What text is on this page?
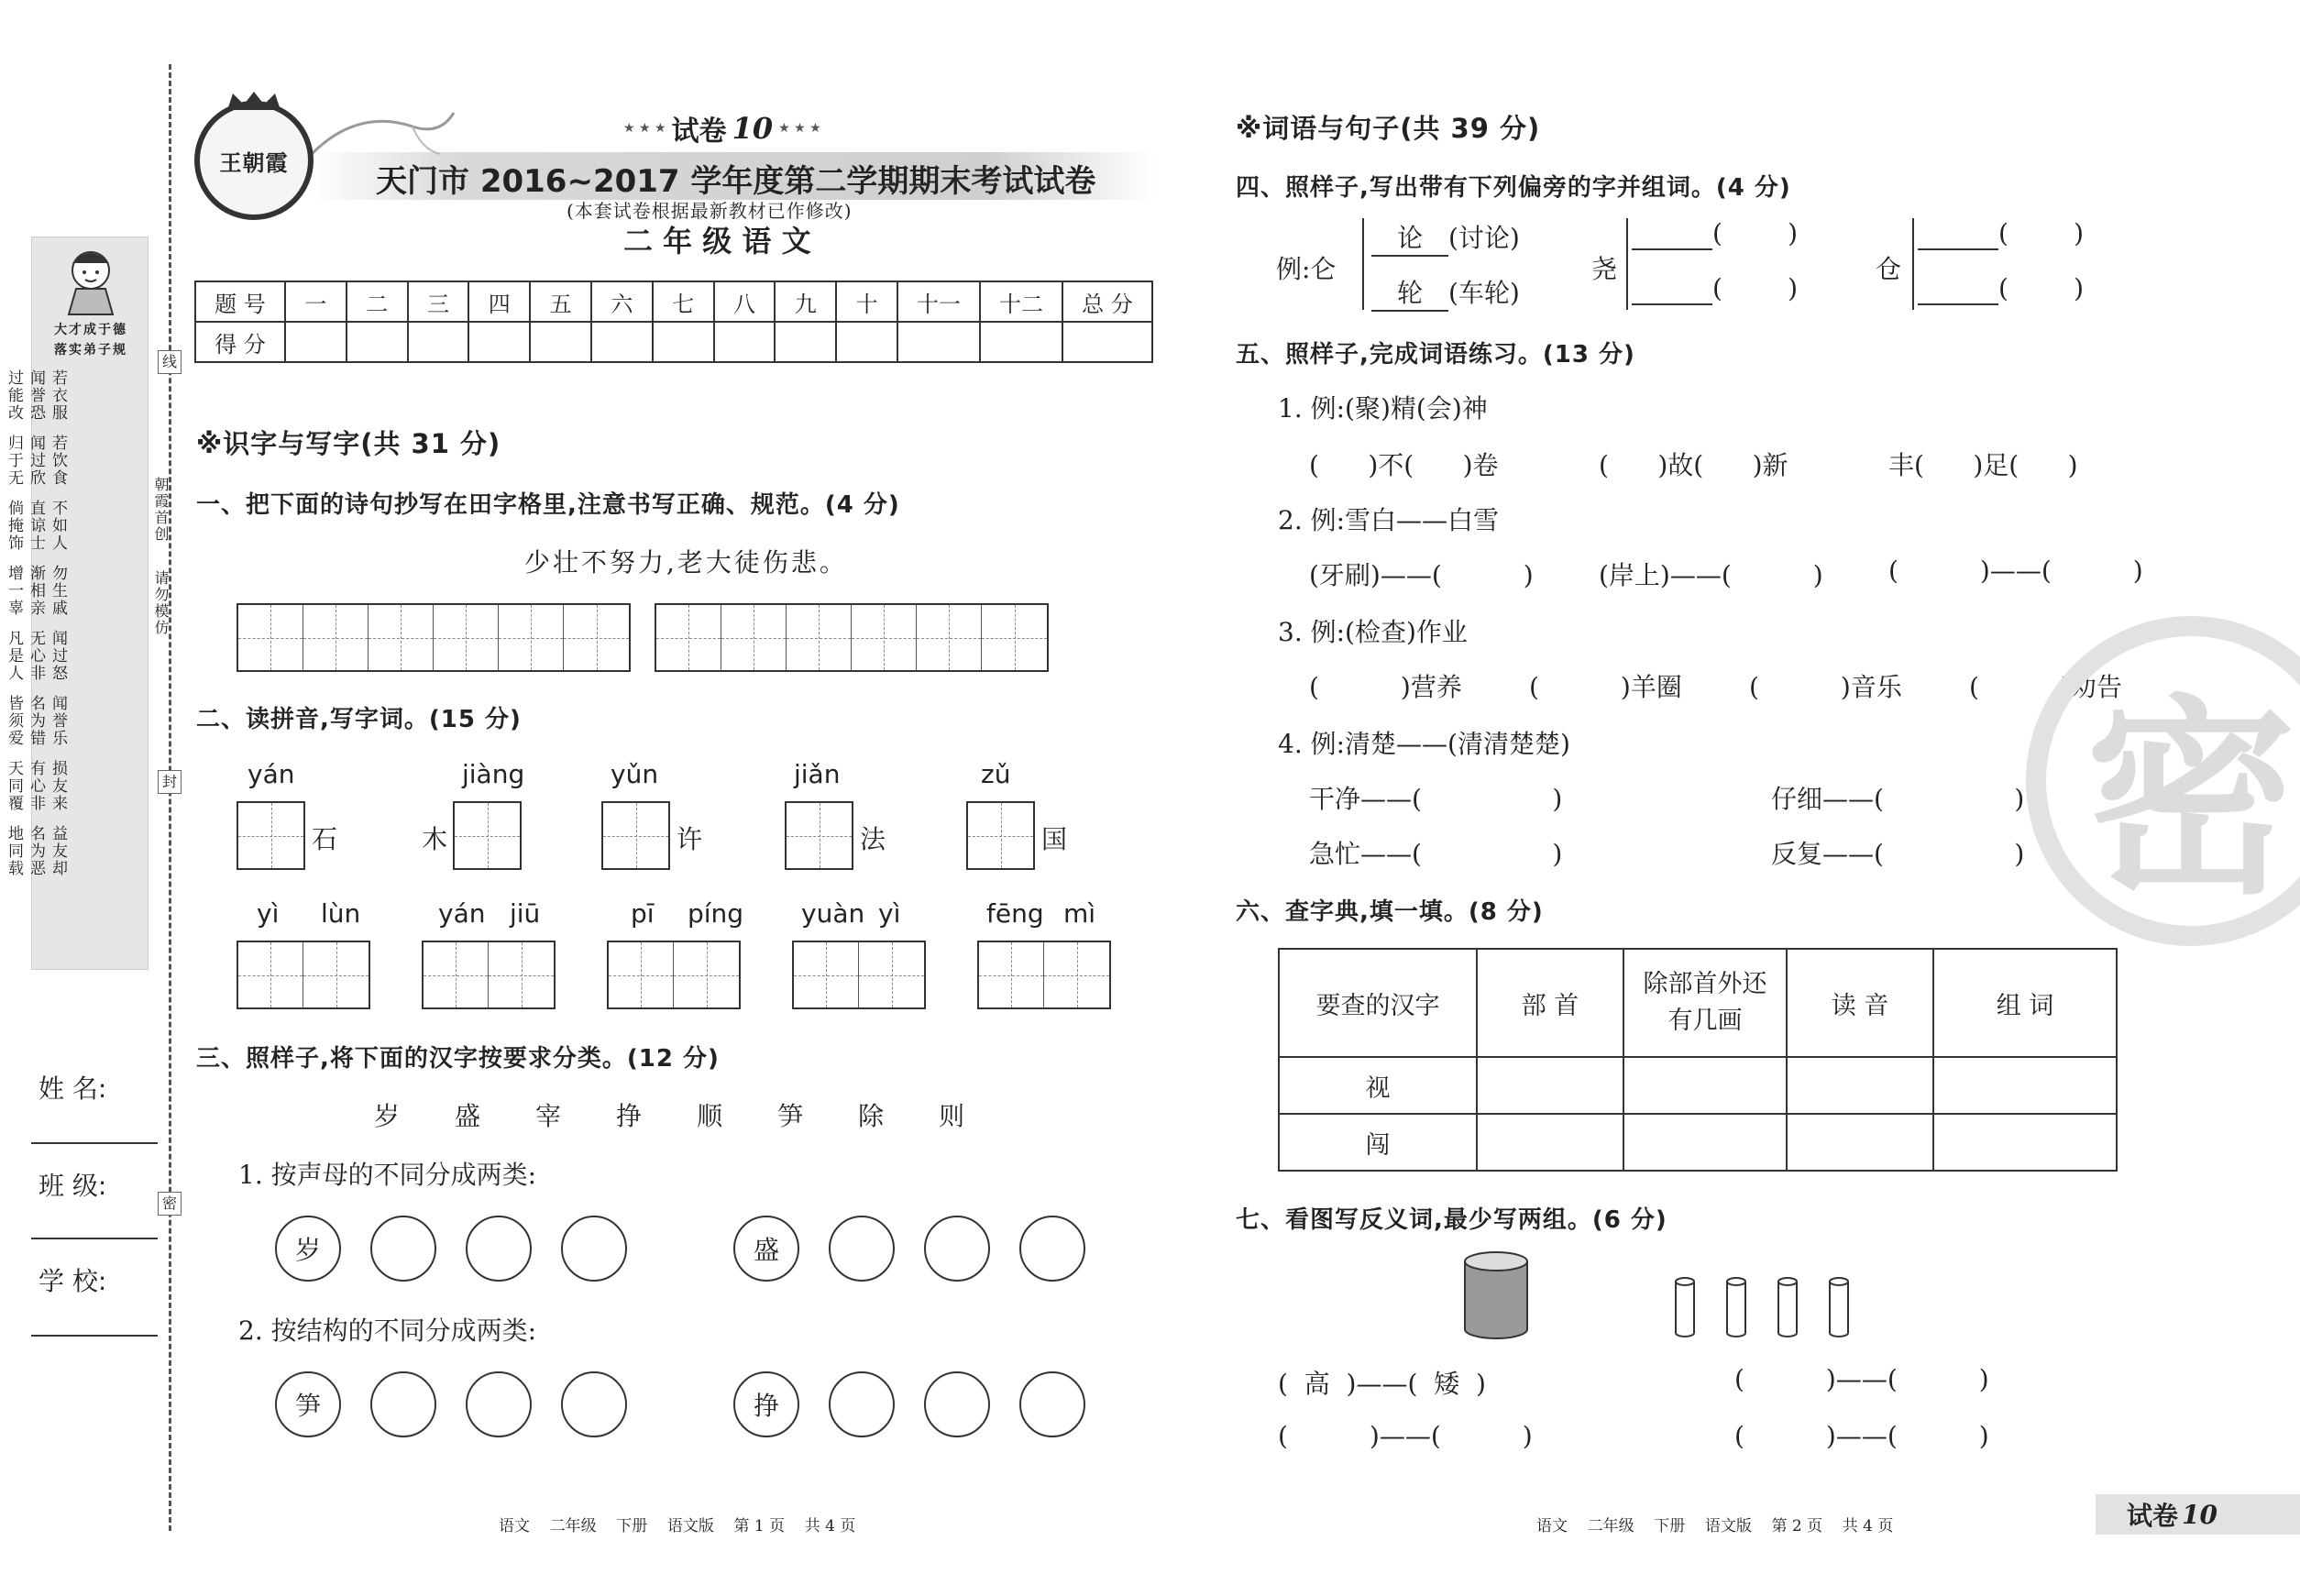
大才成于德
落实弟子规
过能改 闻誉恐 若衣服
归于无 闻过欣 若饮食
倘掩饰 直谅士 不如人
增一辜 渐相亲 勿生戚
凡是人 无心非 闻过怒
皆须爱 名为错 闻誉乐
天同覆 有心非 损友来
地同载 名为恶 益友却
姓 名:
班 级:
学 校:
线
封
密
朝霞首创
请勿模仿
王朝霞
★ ★ ★ 试卷 10 ★ ★ ★
天门市 2016~2017 学年度第二学期期末考试试卷
(本套试卷根据最新教材已作修改)
二 年 级 语 文
题 号	一	二	三	四	五	六	七	八	九	十	十一	十二	总 分
得 分													
※识字与写字(共 31 分)
一、把下面的诗句抄写在田字格里,注意书写正确、规范。(4 分)
少壮不努力,老大徒伤悲。
二、读拼音,写字词。(15 分)
yán
石
jiàng
木
yǔn
许
jiǎn
法
zǔ
国
yì lùn	yán jiū	pī píng yuàn yì	fēng mì
三、照样子,将下面的汉字按要求分类。(12 分)
岁 盛 宰 挣 顺 笋 除 则
1. 按声母的不同分成两类:
岁	盛
2. 按结构的不同分成两类:
笋	挣
语文    二年级    下册    语文版    第 1 页    共 4 页
※词语与句子(共 39 分)
四、照样子,写出带有下列偏旁的字并组词。(4 分)
例:仑
论 (讨论)
轮 (车轮)
尧
(        )
(        )
仓
(        )
(        )
五、照样子,完成词语练习。(13 分)
1. 例:(聚)精(会)神
(      )不(      )卷	(      )故(      )新	丰(      )足(      )
2. 例:雪白——白雪
(牙刷)——(          )	(岸上)——(          )	(          )——(          )
3. 例:(检查)作业
(          )营养	(          )羊圈	(          )音乐	(          )劝告
4. 例:清楚——(清清楚楚)
干净——(                )	仔细——(                )
急忙——(                )	反复——(                )
六、查字典,填一填。(8 分)
要查的汉字	部 首	除部首外还有几画	读 音	组 词
视				
闯				
七、看图写反义词,最少写两组。(6 分)
(  高  )——(  矮  )	(          )——(          )
(          )——(          )	(          )——(          )
语文    二年级    下册    语文版    第 2 页    共 4 页	试卷 10
密
